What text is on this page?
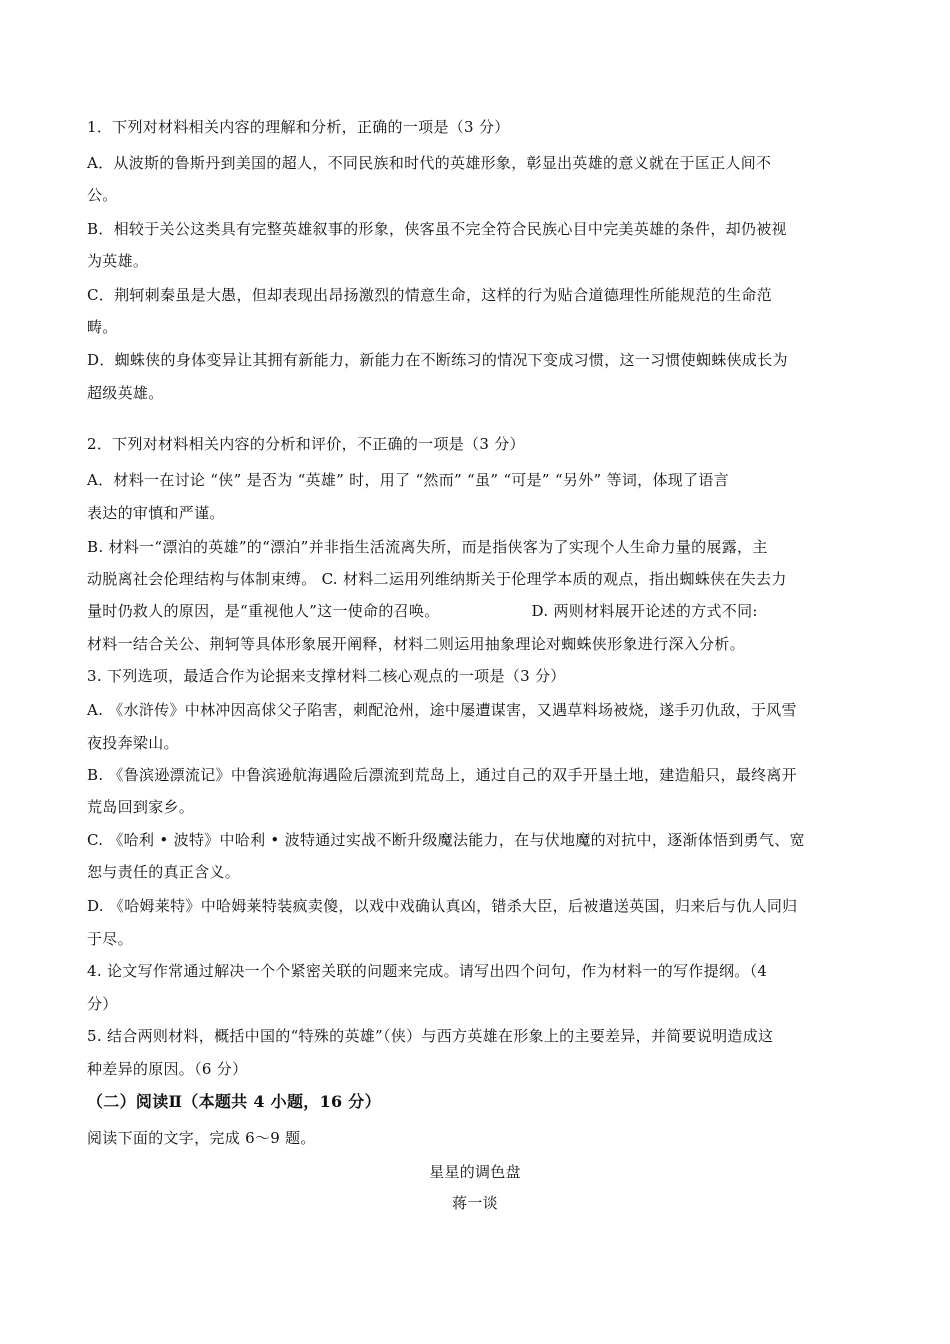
1．下列对材料相关内容的理解和分析，正确的一项是（3 分）
A．从波斯的鲁斯丹到美国的超人，不同民族和时代的英雄形象，彰显出英雄的意义就在于匡正人间不
公。
B．相较于关公这类具有完整英雄叙事的形象，侠客虽不完全符合民族心目中完美英雄的条件，却仍被视
为英雄。
C．荆轲刺秦虽是大愚，但却表现出昂扬激烈的情意生命，这样的行为贴合道德理性所能规范的生命范
畴。
D．蜘蛛侠的身体变异让其拥有新能力，新能力在不断练习的情况下变成习惯，这一习惯使蜘蛛侠成长为
超级英雄。
2．下列对材料相关内容的分析和评价，不正确的一项是（3 分）
A．材料一在讨论 “侠” 是否为 “英雄” 时，用了 “然而” “虽” “可是” “另外” 等词，体现了语言
表达的审慎和严谨。
B. 材料一“漂泊的英雄”的“漂泊”并非指生活流离失所，而是指侠客为了实现个人生命力量的展露，主
动脱离社会伦理结构与体制束缚。 C. 材料二运用列维纳斯关于伦理学本质的观点，指出蜘蛛侠在失去力
量时仍救人的原因，是“重视他人”这一使命的召唤。	D. 两则材料展开论述的方式不同:
材料一结合关公、荆轲等具体形象展开阐释，材料二则运用抽象理论对蜘蛛侠形象进行深入分析。
3. 下列选项，最适合作为论据来支撑材料二核心观点的一项是（3 分）
A. 《水浒传》中林冲因高俅父子陷害，刺配沧州，途中屡遭谋害，又遇草料场被烧，遂手刃仇敌，于风雪
夜投奔梁山。
B. 《鲁滨逊漂流记》中鲁滨逊航海遇险后漂流到荒岛上，通过自己的双手开垦土地，建造船只，最终离开
荒岛回到家乡。
C. 《哈利 • 波特》中哈利 • 波特通过实战不断升级魔法能力，在与伏地魔的对抗中，逐渐体悟到勇气、宽
恕与责任的真正含义。
D. 《哈姆莱特》中哈姆莱特装疯卖傻，以戏中戏确认真凶，错杀大臣，后被遣送英国，归来后与仇人同归
于尽。
4. 论文写作常通过解决一个个紧密关联的问题来完成。请写出四个问句，作为材料一的写作提纲。（4
分）
5. 结合两则材料，概括中国的“特殊的英雄”（侠）与西方英雄在形象上的主要差异，并简要说明造成这
种差异的原因。（6 分）
（二）阅读Ⅱ（本题共 4 小题，16 分）
阅读下面的文字，完成 6～9 题。
星星的调色盘
蒋一谈
